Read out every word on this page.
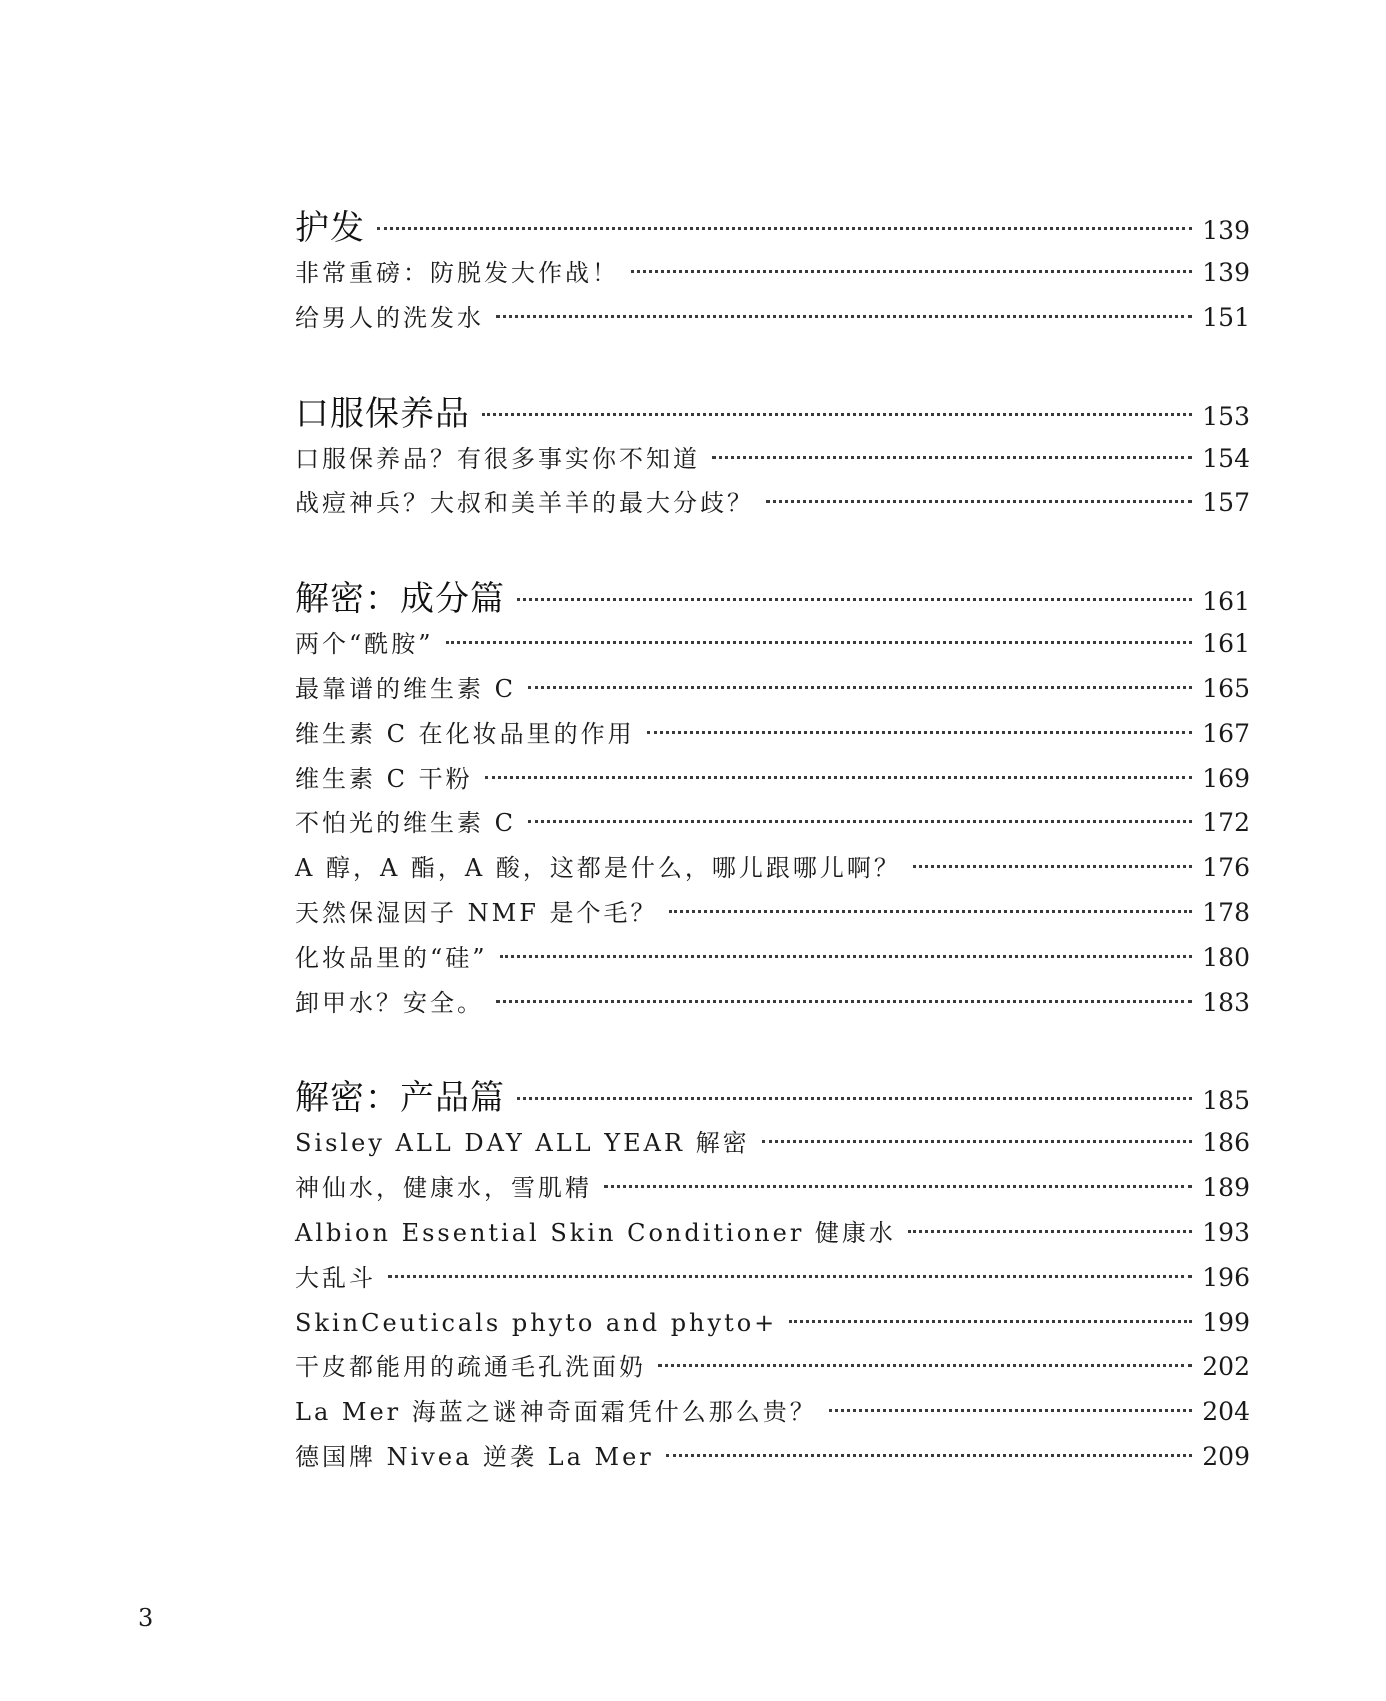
护发	139
非常重磅：防脱发大作战！	139
给男人的洗发水	151
口服保养品	153
口服保养品？有很多事实你不知道	154
战痘神兵？大叔和美羊羊的最大分歧？	157
解密：成分篇	161
两个“酰胺”	161
最靠谱的维生素 C	165
维生素 C 在化妆品里的作用	167
维生素 C 干粉	169
不怕光的维生素 C	172
A 醇，A 酯，A 酸，这都是什么，哪儿跟哪儿啊？	176
天然保湿因子 NMF 是个毛？	178
化妆品里的“硅”	180
卸甲水？安全。	183
解密：产品篇	185
Sisley ALL DAY ALL YEAR 解密	186
神仙水，健康水，雪肌精	189
Albion Essential Skin Conditioner 健康水	193
大乱斗	196
SkinCeuticals phyto and phyto+	199
干皮都能用的疏通毛孔洗面奶	202
La Mer 海蓝之谜神奇面霜凭什么那么贵？	204
德国牌 Nivea 逆袭 La Mer	209
3
